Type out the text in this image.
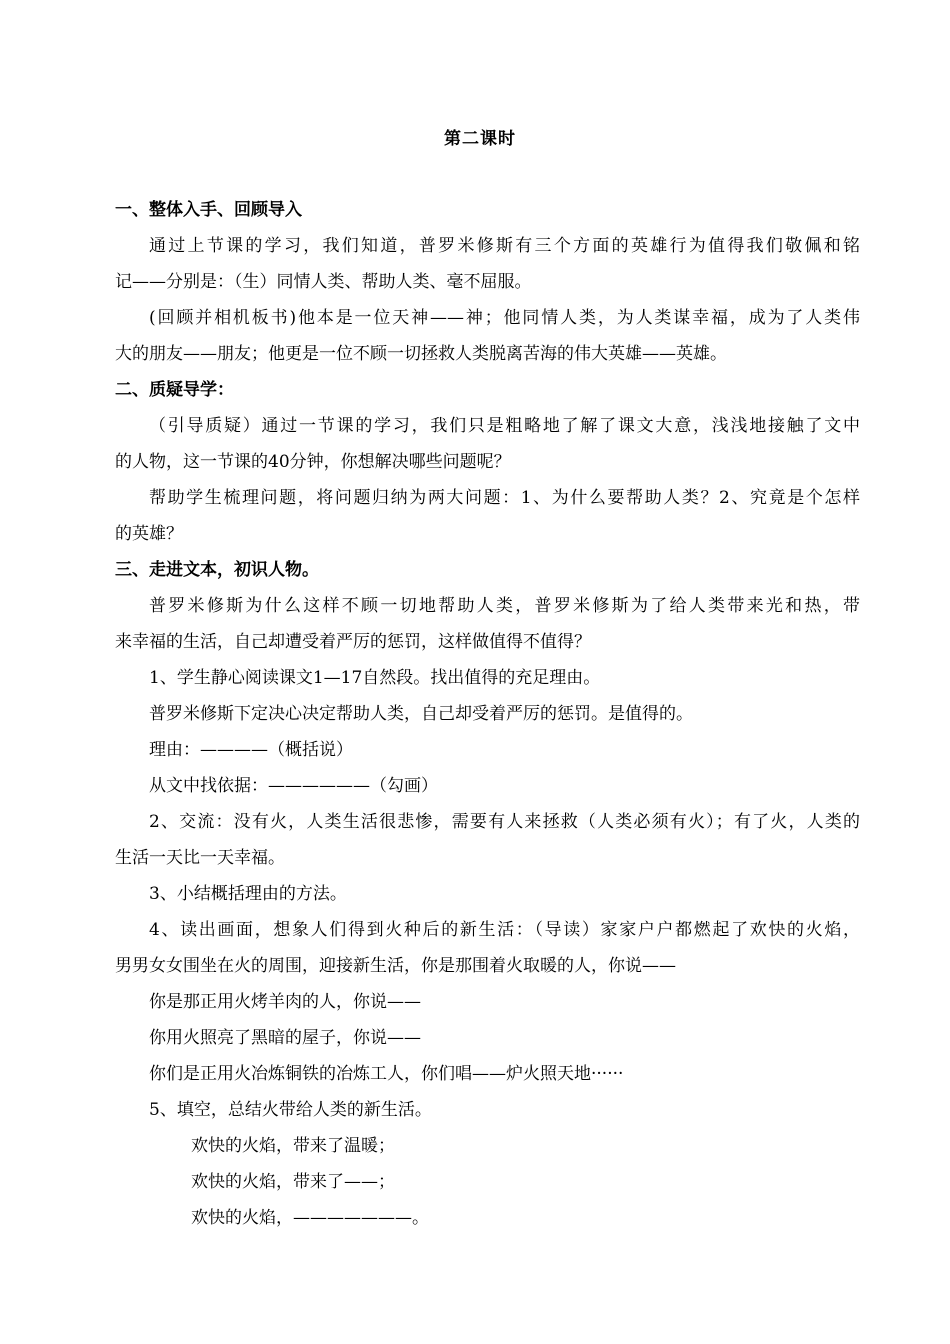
第二课时
一、整体入手、回顾导入
通过上节课的学习，我们知道，普罗米修斯有三个方面的英雄行为值得我们敬佩和铭
记——分别是：（生）同情人类、帮助人类、毫不屈服。
(回顾并相机板书)他本是一位天神——神；他同情人类，为人类谋幸福，成为了人类伟
大的朋友——朋友；他更是一位不顾一切拯救人类脱离苦海的伟大英雄——英雄。
二、质疑导学：
（引导质疑）通过一节课的学习，我们只是粗略地了解了课文大意，浅浅地接触了文中
的人物，这一节课的40分钟，你想解决哪些问题呢？
帮助学生梳理问题，将问题归纳为两大问题：1、为什么要帮助人类？2、究竟是个怎样
的英雄？
三、走进文本，初识人物。
普罗米修斯为什么这样不顾一切地帮助人类，普罗米修斯为了给人类带来光和热，带
来幸福的生活，自己却遭受着严厉的惩罚，这样做值得不值得？
1、学生静心阅读课文1—17自然段。找出值得的充足理由。
普罗米修斯下定决心决定帮助人类，自己却受着严厉的惩罚。是值得的。
理由：————（概括说）
从文中找依据：——————（勾画）
2、交流：没有火，人类生活很悲惨，需要有人来拯救（人类必须有火）；有了火，人类的
生活一天比一天幸福。
3、小结概括理由的方法。
4、读出画面，想象人们得到火种后的新生活：（导读）家家户户都燃起了欢快的火焰，
男男女女围坐在火的周围，迎接新生活，你是那围着火取暖的人，你说——
你是那正用火烤羊肉的人，你说——
你用火照亮了黑暗的屋子，你说——
你们是正用火冶炼铜铁的冶炼工人，你们唱——炉火照天地······
5、填空，总结火带给人类的新生活。
欢快的火焰，带来了温暖；
欢快的火焰，带来了——；
欢快的火焰，———————。
